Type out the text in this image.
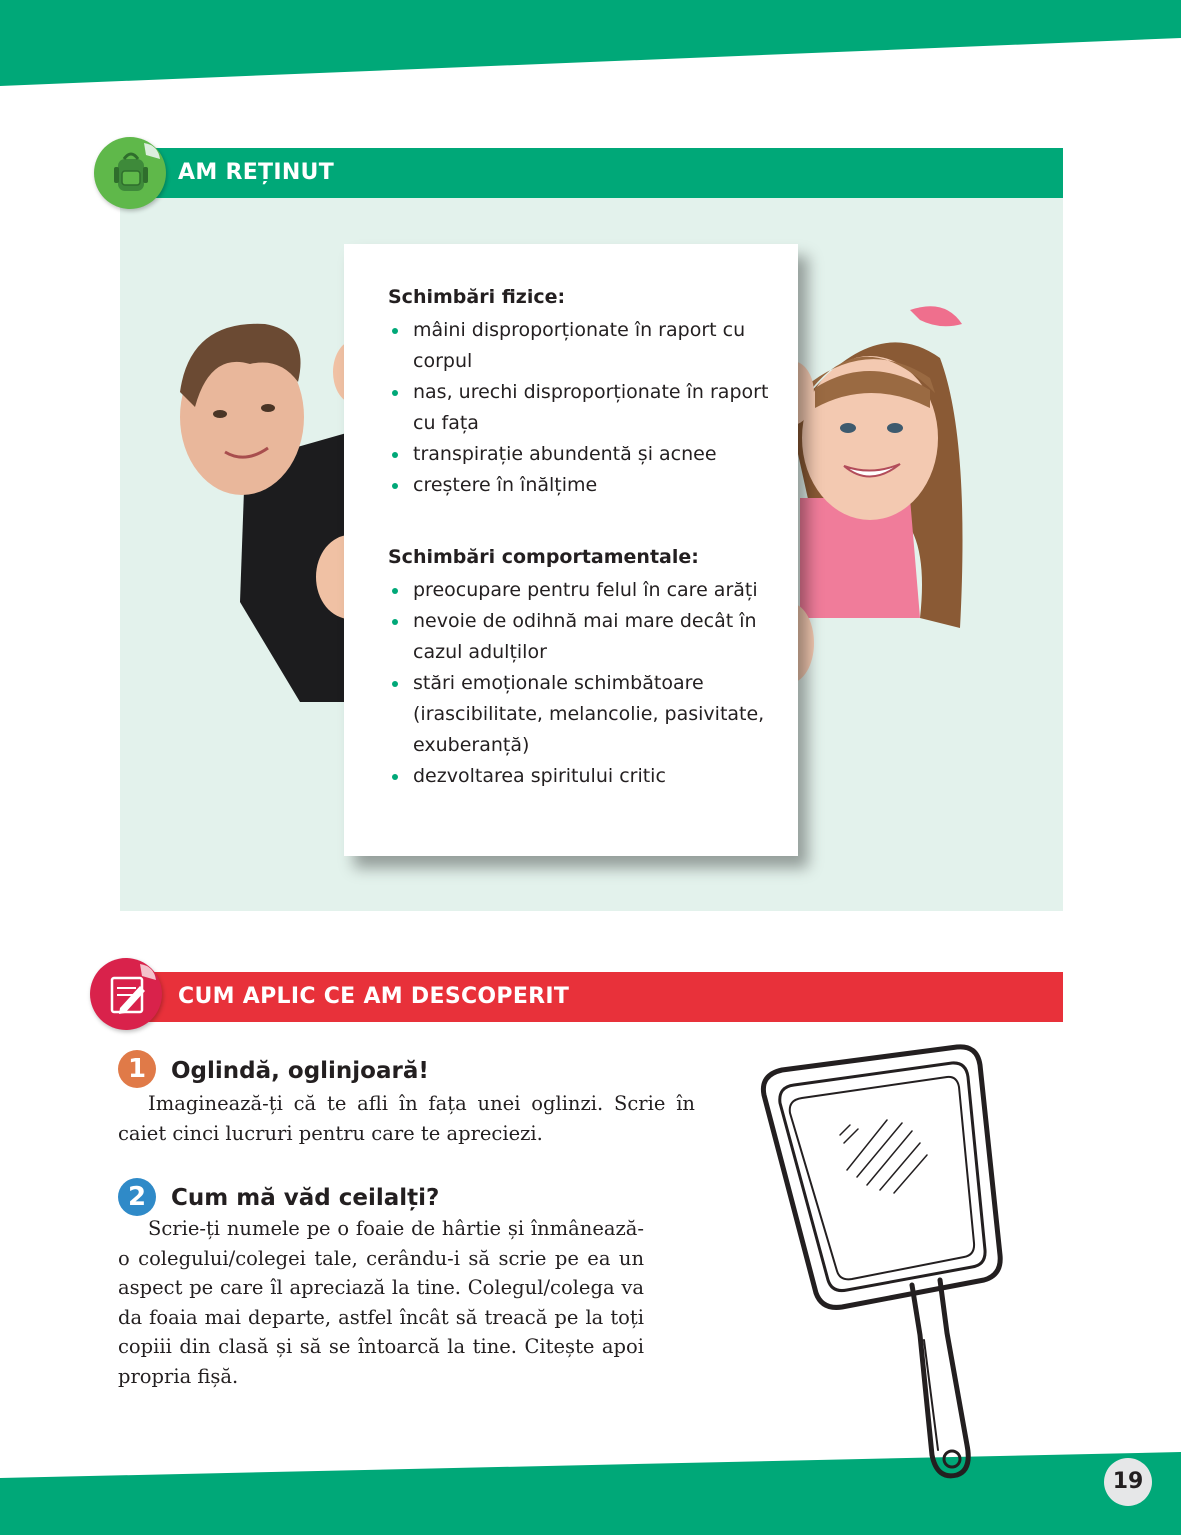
AM REȚINUT
Schimbări fizice:
mâini disproporționate în raport cu corpul
nas, urechi disproporționate în raport cu fața
transpirație abundentă și acnee
creștere în înălțime
Schimbări comportamentale:
preocupare pentru felul în care arăți
nevoie de odihnă mai mare decât în cazul adulților
stări emoționale schimbătoare (irascibilitate, melancolie, pasivitate, exuberanță)
dezvoltarea spiritului critic
CUM APLIC CE AM DESCOPERIT
1	Oglindă, oglinjoară!
Imaginează-ți că te afli în fața unei oglinzi. Scrie în caiet cinci lucruri pentru care te apreciezi.
2	Cum mă văd ceilalți?
Scrie-ți numele pe o foaie de hârtie și înmânează-o colegului/colegei tale, cerându-i să scrie pe ea un aspect pe care îl apreciază la tine. Colegul/colega va da foaia mai departe, astfel încât să treacă pe la toți copiii din clasă și să se întoarcă la tine. Citește apoi propria fișă.
19
